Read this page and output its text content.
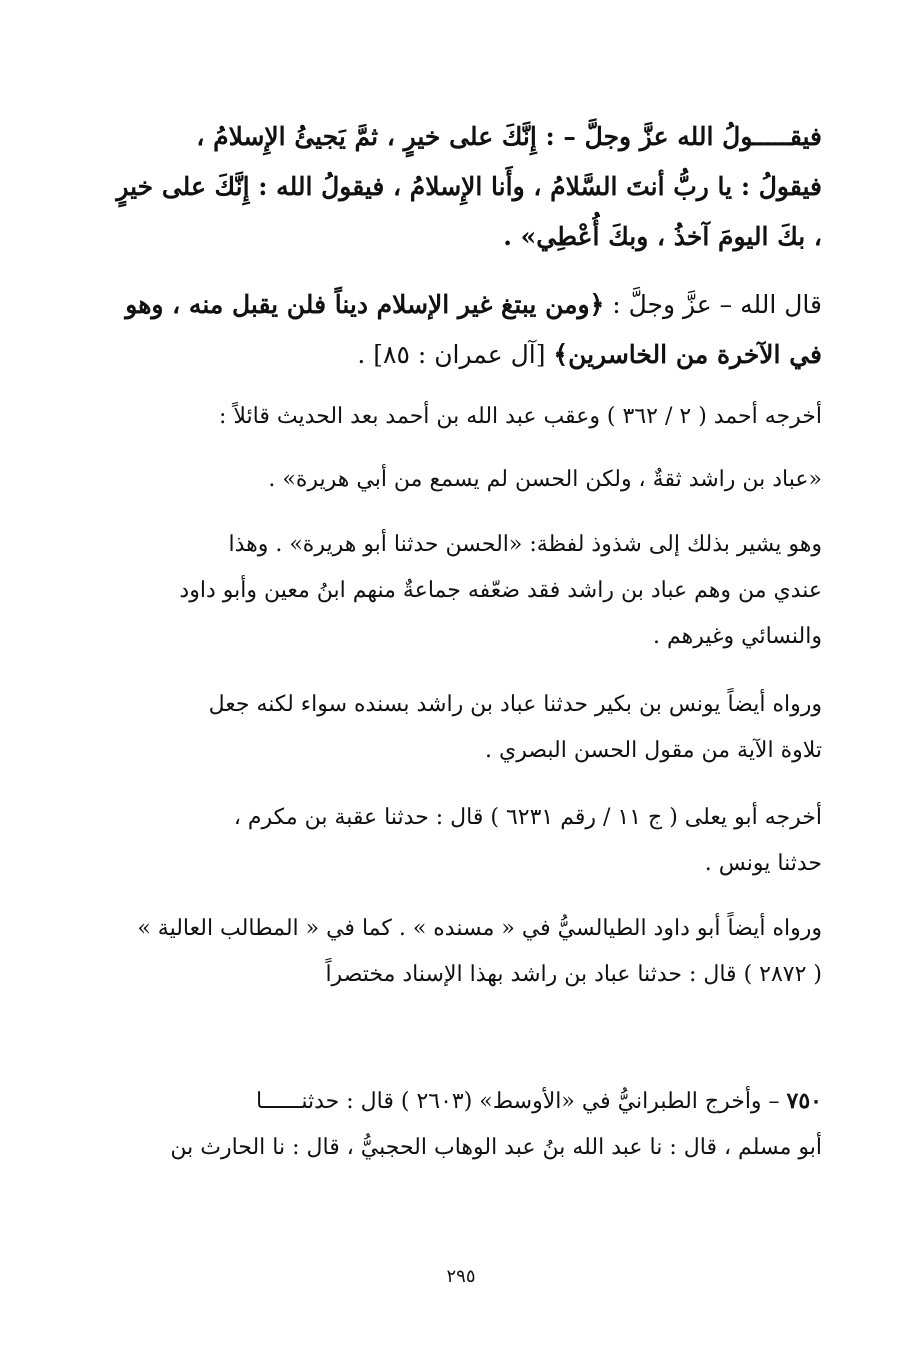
فيقـــــولُ الله عزَّ وجلَّ – : إِنَّكَ على خيرٍ ، ثمَّ يَجيئُ الإِسلامُ ،
فيقولُ : يا ربُّ أنتَ السَّلامُ ، وأَنا الإِسلامُ ، فيقولُ الله : إِنَّكَ على خيرٍ
، بكَ اليومَ آخذُ ، وبكَ أُعْطِي» .
قال الله – عزَّ وجلَّ : ﴿ومن يبتغ غير الإسلام ديناً فلن يقبل منه ، وهو
في الآخرة من الخاسرين﴾ [آل عمران : ٨٥] .
أخرجه أحمد ( ٢ / ٣٦٢ ) وعقب عبد الله بن أحمد بعد الحديث قائلاً :
«عباد بن راشد ثقةٌ ، ولكن الحسن لم يسمع من أبي هريرة» .
وهو يشير بذلك إلى شذوذ لفظة: «الحسن حدثنا أبو هريرة» . وهذا
عندي من وهم عباد بن راشد فقد ضعّفه جماعةٌ منهم ابنُ معين وأبو داود
والنسائي وغيرهم .
ورواه أيضاً يونس بن بكير حدثنا عباد بن راشد بسنده سواء لكنه جعل
تلاوة الآية من مقول الحسن البصري .
أخرجه أبو يعلى ( ج ١١ / رقم ٦٢٣١ ) قال : حدثنا عقبة بن مكرم ،
حدثنا يونس .
ورواه أيضاً أبو داود الطيالسيُّ في « مسنده » . كما في « المطالب العالية »
( ٢٨٧٢ ) قال : حدثنا عباد بن راشد بهذا الإسناد مختصراً
٧٥٠ – وأخرج الطبرانيُّ في «الأوسط» (٢٦٠٣ ) قال : حدثنــــــا
أبو مسلم ، قال : نا عبد الله بنُ عبد الوهاب الحجبيُّ ، قال : نا الحارث بن
٢٩٥
